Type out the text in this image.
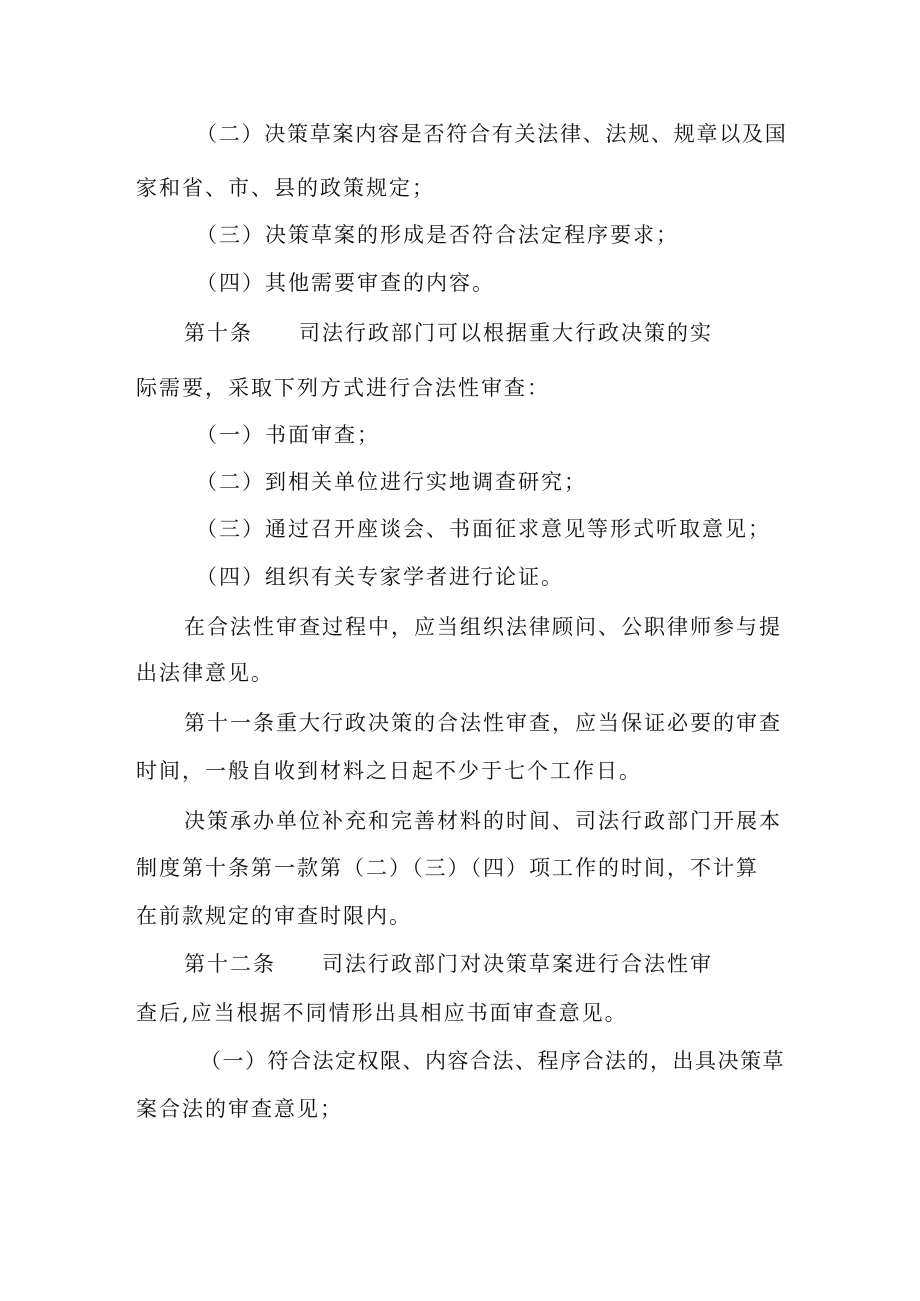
（二）决策草案内容是否符合有关法律、法规、规章以及国

家和省、市、县的政策规定；

（三）决策草案的形成是否符合法定程序要求；

（四）其他需要审查的内容。

第十条　　司法行政部门可以根据重大行政决策的实

际需要，采取下列方式进行合法性审查：

（一）书面审查；

（二）到相关单位进行实地调查研究；

（三）通过召开座谈会、书面征求意见等形式听取意见；

（四）组织有关专家学者进行论证。

在合法性审查过程中，应当组织法律顾问、公职律师参与提

出法律意见。

第十一条重大行政决策的合法性审查，应当保证必要的审查

时间，一般自收到材料之日起不少于七个工作日。

决策承办单位补充和完善材料的时间、司法行政部门开展本

制度第十条第一款第（二）（三）（四）项工作的时间，不计算

在前款规定的审查时限内。

第十二条　　司法行政部门对决策草案进行合法性审

查后,应当根据不同情形出具相应书面审查意见。

（一）符合法定权限、内容合法、程序合法的，出具决策草

案合法的审查意见；
